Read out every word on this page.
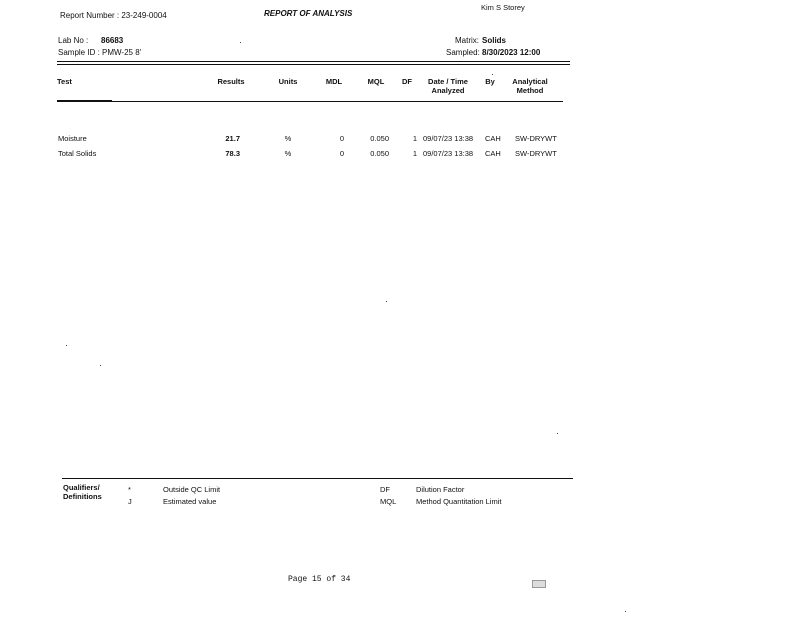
Report Number : 23-249-0004	REPORT OF ANALYSIS
Kim S Storey
Lab No : 86683
Sample ID : PMW-25 8'
Matrix: Solids
Sampled: 8/30/2023 12:00
Test	Results	Units	MDL	MQL	DF	Date / Time
Analyzed
By	Analytical
Method
Moisture	21.7	%	0	0.050	1 09/07/23 13:38 CAH SW-DRYWT
Total Solids	78.3	%	0	0.050	1 09/07/23 13:38 CAH SW-DRYWT
Qualifiers/
Definitions
*	Outside QC Limit
J	Estimated value
DF	Dilution Factor
MQL	Method Quantitation Limit
Page 15 of 34
